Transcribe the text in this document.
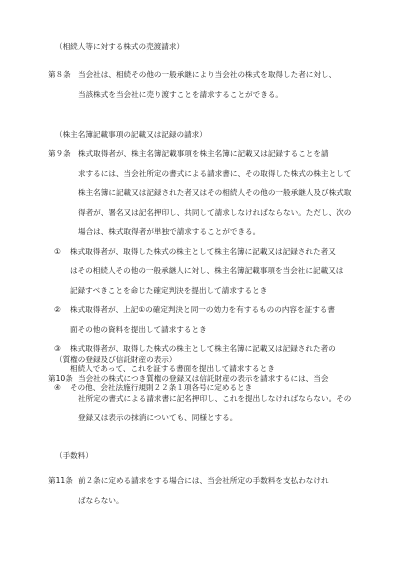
（相続人等に対する株式の売渡請求）
第８条 当会社は、相続その他の一般承継により当会社の株式を取得した者に対し、
当該株式を当会社に売り渡すことを請求することができる。
（株主名簿記載事項の記載又は記録の請求）
第９条 株式取得者が、株主名簿記載事項を株主名簿に記載又は記録することを請
求するには、当会社所定の書式による請求書に、その取得した株式の株主として
株主名簿に記載又は記録された者又はその相続人その他の一般承継人及び株式取
得者が、署名又は記名押印し、共同して請求しなければならない。ただし、次の
場合は、株式取得者が単独で請求することができる。
① 株式取得者が、取得した株式の株主として株主名簿に記載又は記録された者又
はその相続人その他の一般承継人に対し、株主名簿記載事項を当会社に記載又は
記録すべきことを命じた確定判決を提出して請求するとき
② 株式取得者が、上記①の確定判決と同一の効力を有するものの内容を証する書
面その他の資料を提出して請求するとき
③ 株式取得者が、取得した株式の株主として株主名簿に記載又は記録された者の
相続人であって、これを証する書面を提出して請求するとき
④ その他、会社法施行規則２２条１項各号に定めるとき
（質権の登録及び信託財産の表示）
第10条 当会社の株式につき質権の登録又は信託財産の表示を請求するには、当会
社所定の書式による請求書に記名押印し、これを提出しなければならない。その
登録又は表示の抹消についても、同様とする。
（手数料）
第11条 前２条に定める請求をする場合には、当会社所定の手数料を支払わなけれ
ばならない。
